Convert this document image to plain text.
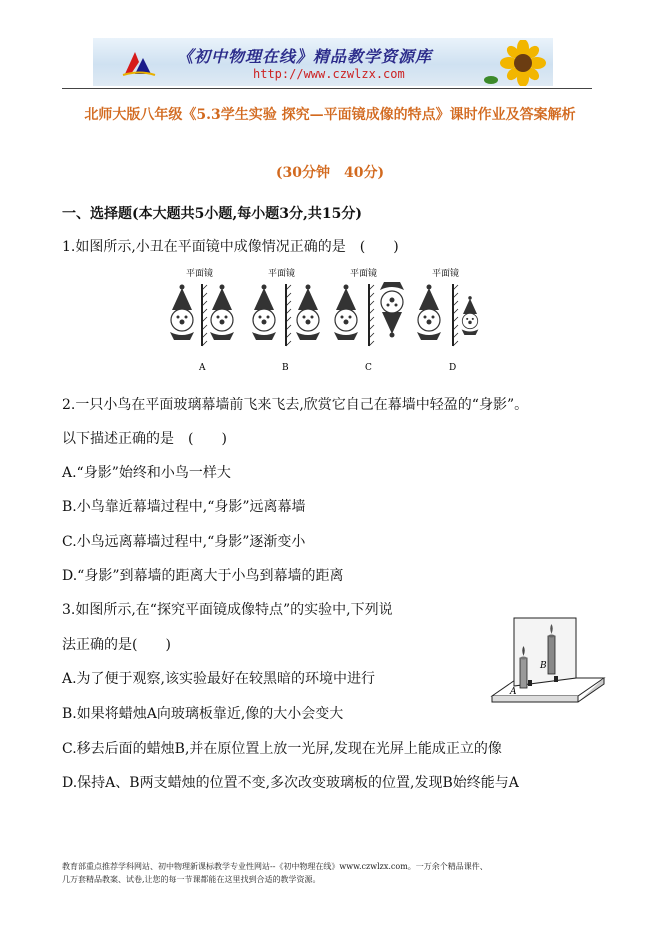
《初中物理在线》精品教学资源库
http://www.czwlzx.com
北师大版八年级《5.3学生实验 探究—平面镜成像的特点》课时作业及答案解析
(30分钟　40分)
一、选择题(本大题共5小题,每小题3分,共15分)
1.如图所示,小丑在平面镜中成像情况正确的是　(　　)
平面镜
A
平面镜
B
平面镜
C
平面镜
D
2.一只小鸟在平面玻璃幕墙前飞来飞去,欣赏它自己在幕墙中轻盈的“身影”。
以下描述正确的是　(　　)
A.“身影”始终和小鸟一样大
B.小鸟靠近幕墙过程中,“身影”远离幕墙
C.小鸟远离幕墙过程中,“身影”逐渐变小
D.“身影”到幕墙的距离大于小鸟到幕墙的距离
3.如图所示,在“探究平面镜成像特点”的实验中,下列说
法正确的是(　　)
B
A
A.为了便于观察,该实验最好在较黑暗的环境中进行
B.如果将蜡烛A向玻璃板靠近,像的大小会变大
C.移去后面的蜡烛B,并在原位置上放一光屏,发现在光屏上能成正立的像
D.保持A、B两支蜡烛的位置不变,多次改变玻璃板的位置,发现B始终能与A
教育部重点推荐学科网站、初中物理新课标教学专业性网站--《初中物理在线》www.czwlzx.com。一万余个精品课件、
几万套精品教案、试卷,让您的每一节课都能在这里找到合适的教学资源。
